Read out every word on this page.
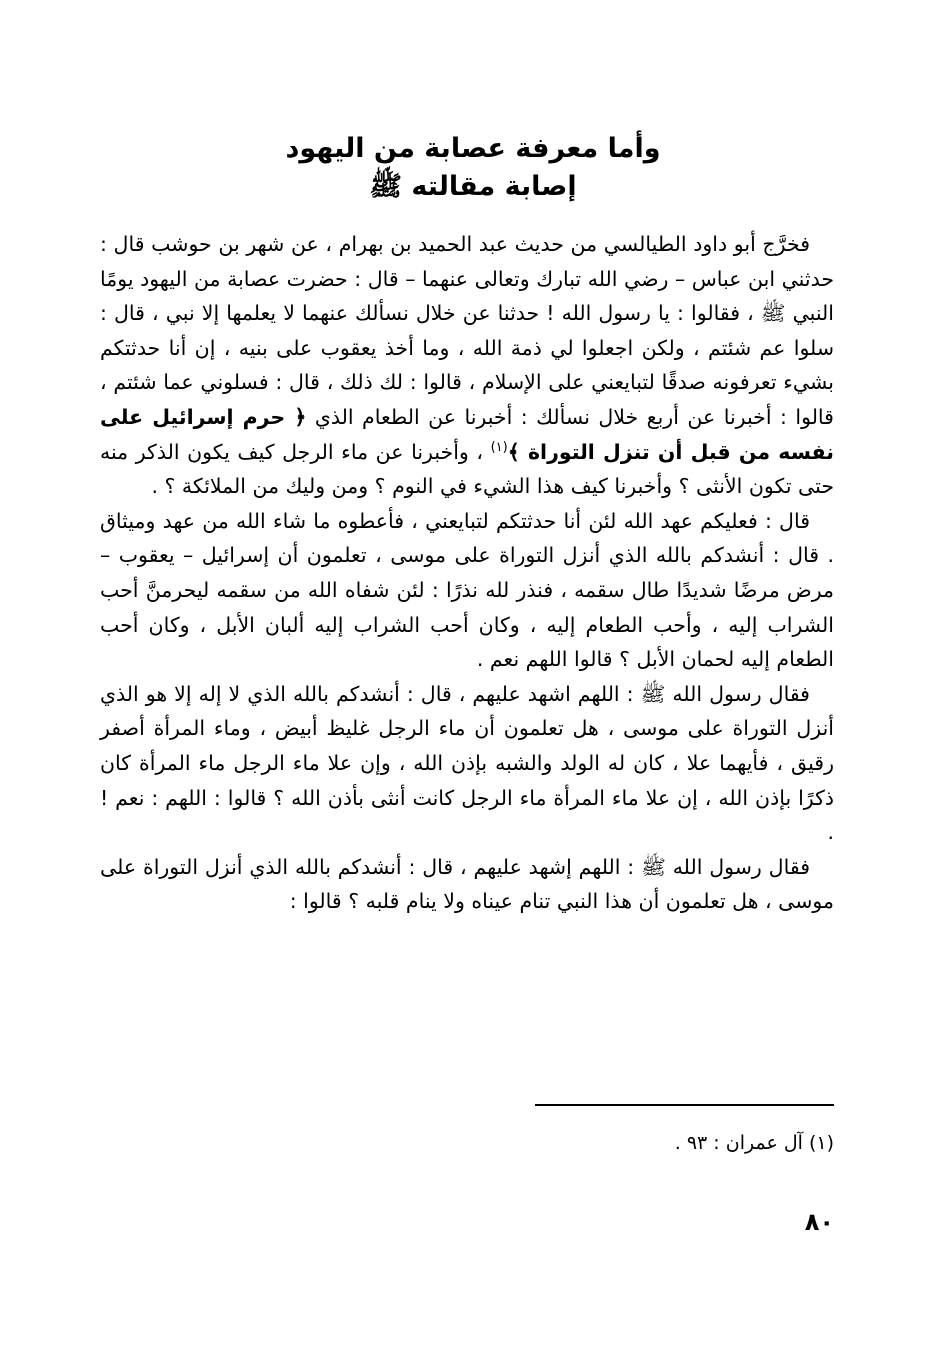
وأما معرفة عصابة من اليهود
إصابة مقالته ﷺ

فخرَّج أبو داود الطيالسي من حديث عبد الحميد بن بهرام ، عن شهر بن حوشب قال : حدثني ابن عباس – رضي الله تبارك وتعالى عنهما – قال : حضرت عصابة من اليهود يومًا النبي ﷺ ، فقالوا : يا رسول الله ! حدثنا عن خلال نسألك عنهما لا يعلمها إلا نبي ، قال : سلوا عم شئتم ، ولكن اجعلوا لي ذمة الله ، وما أخذ يعقوب على بنيه ، إن أنا حدثتكم بشيء تعرفونه صدقًا لتبايعني على الإسلام ، قالوا : لك ذلك ، قال : فسلوني عما شئتم ، قالوا : أخبرنا عن أربع خلال نسألك : أخبرنا عن الطعام الذي ﴿ حرم إسرائيل على نفسه من قبل أن تنزل التوراة ﴾$^{(١)}$ ، وأخبرنا عن ماء الرجل كيف يكون الذكر منه حتى تكون الأنثى ؟ وأخبرنا كيف هذا الشيء في النوم ؟ ومن وليك من الملائكة ؟ .

قال : فعليكم عهد الله لئن أنا حدثتكم لتبايعني ، فأعطوه ما شاء الله من عهد وميثاق . قال : أنشدكم بالله الذي أنزل التوراة على موسى ، تعلمون أن إسرائيل – يعقوب – مرض مرضًا شديدًا طال سقمه ، فنذر لله نذرًا : لئن شفاه الله من سقمه ليحرمنَّ أحب الشراب إليه ، وأحب الطعام إليه ، وكان أحب الشراب إليه ألبان الأبل ، وكان أحب الطعام إليه لحمان الأبل ؟ قالوا اللهم نعم .

فقال رسول الله ﷺ : اللهم اشهد عليهم ، قال : أنشدكم بالله الذي لا إله إلا هو الذي أنزل التوراة على موسى ، هل تعلمون أن ماء الرجل غليظ أبيض ، وماء المرأة أصفر رقيق ، فأيهما علا ، كان له الولد والشبه بإذن الله ، وإن علا ماء الرجل ماء المرأة كان ذكرًا بإذن الله ، إن علا ماء المرأة ماء الرجل كانت أنثى بأذن الله ؟ قالوا : اللهم : نعم ! .

فقال رسول الله ﷺ : اللهم إشهد عليهم ، قال : أنشدكم بالله الذي أنزل التوراة على موسى ، هل تعلمون أن هذا النبي تنام عيناه ولا ينام قلبه ؟ قالوا :

(١) آل عمران : ٩٣ .
٨٠
